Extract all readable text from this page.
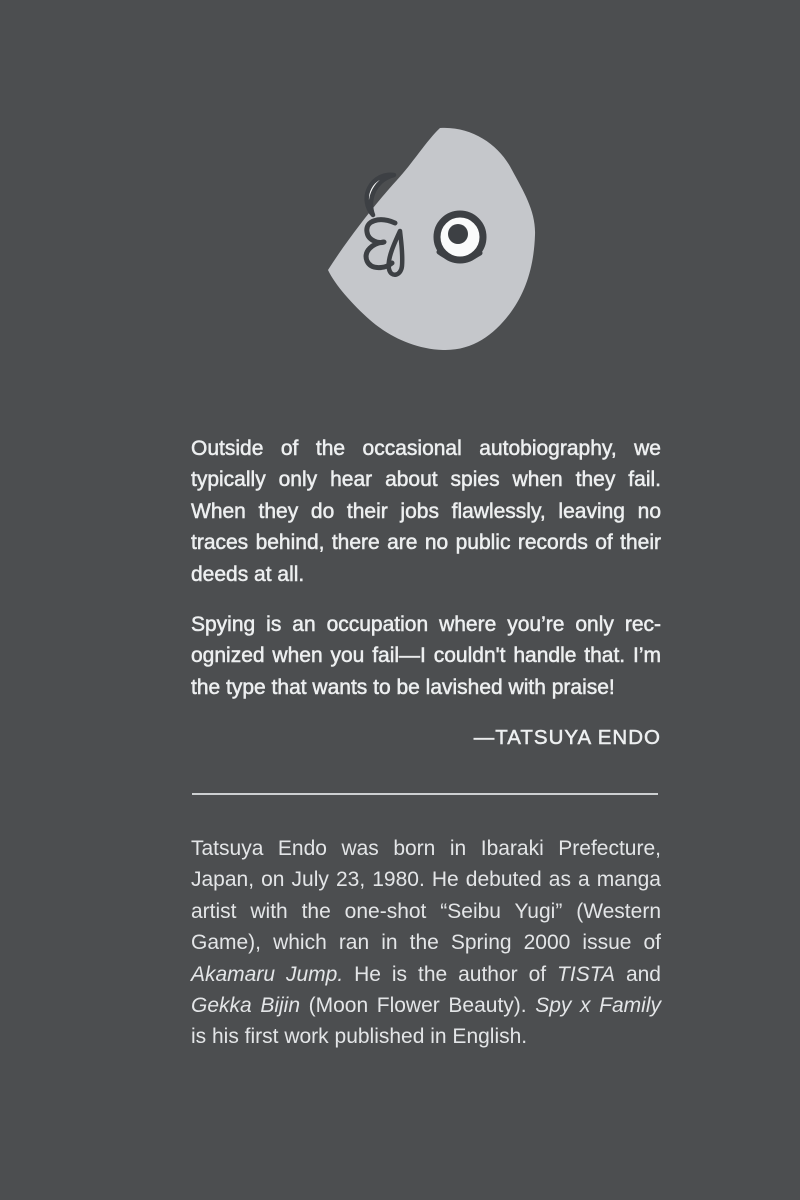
Outside of the occasional autobiography, we
typically only hear about spies when they fail.
When they do their jobs flawlessly, leaving no
traces behind, there are no public records of their
deeds at all.
Spying is an occupation where you’re only rec-
ognized when you fail—I couldn't handle that. I’m
the type that wants to be lavished with praise!
—TATSUYA ENDO
Tatsuya Endo was born in Ibaraki Prefecture,
Japan, on July 23, 1980. He debuted as a manga
artist with the one-shot “Seibu Yugi” (Western
Game), which ran in the Spring 2000 issue of
Akamaru Jump. He is the author of TISTA and
Gekka Bijin (Moon Flower Beauty). Spy x Family
is his first work published in English.
